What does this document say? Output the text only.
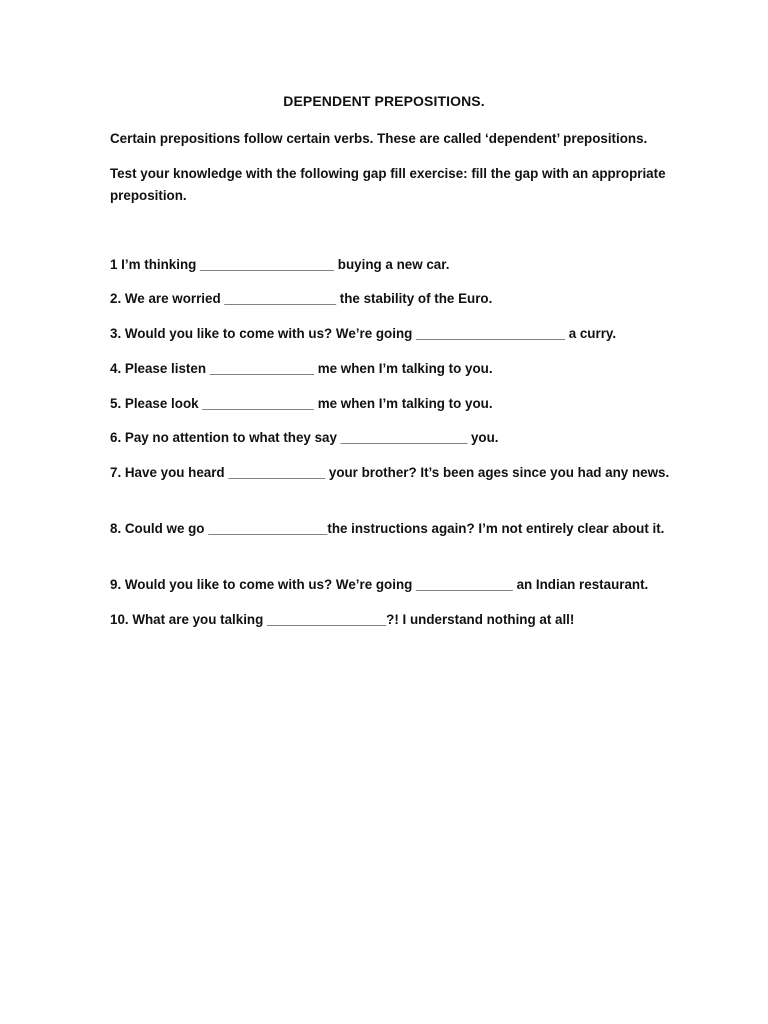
DEPENDENT PREPOSITIONS.
Certain prepositions follow certain verbs. These are called ‘dependent’ prepositions.
Test your knowledge with the following gap fill exercise: fill the gap with an appropriate preposition.
1 I’m thinking __________________ buying a new car.
2. We are worried _______________ the stability of the Euro.
3. Would you like to come with us? We’re going ____________________ a curry.
4. Please listen ______________ me when I’m talking to you.
5. Please look _______________ me when I’m talking to you.
6. Pay no attention to what they say _________________ you.
7. Have you heard _____________ your brother? It’s been ages since you had any news.
8. Could we go ________________the instructions again? I’m not entirely clear about it.
9. Would you like to come with us? We’re going _____________ an Indian restaurant.
10. What are you talking ________________?! I understand nothing at all!
